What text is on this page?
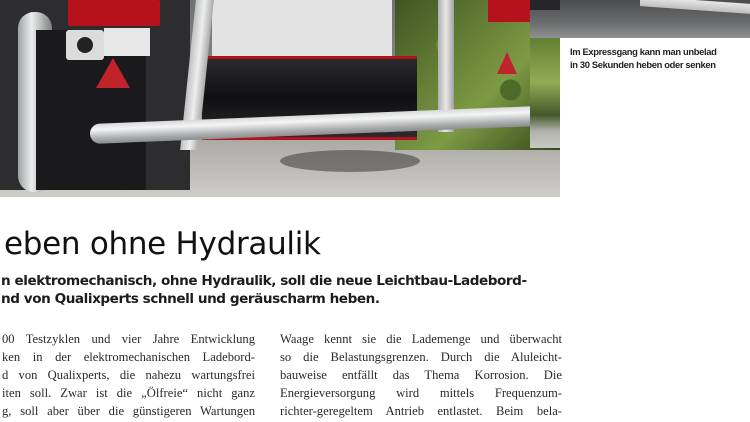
Im Expressgang kann man unbelad
in 30 Sekunden heben oder senken
eben ohne Hydraulik
n elektromechanisch, ohne Hydraulik, soll die neue Leichtbau-Ladebord-
nd von Qualixperts schnell und geräuscharm heben.
00 Testzyklen und vier Jahre Entwicklung
ken in der elektromechanischen Ladebord-
d von Qualixperts, die nahezu wartungsfrei
iten soll. Zwar ist die „Ölfreie“ nicht ganz
g, soll aber über die günstigeren Wartungen
Waage kennt sie die Lademenge und überwacht
so die Belastungsgrenzen. Durch die Aluleicht-
bauweise entfällt das Thema Korrosion. Die
Energieversorgung wird mittels Frequenzum-
richter-geregeltem Antrieb entlastet. Beim bela-
